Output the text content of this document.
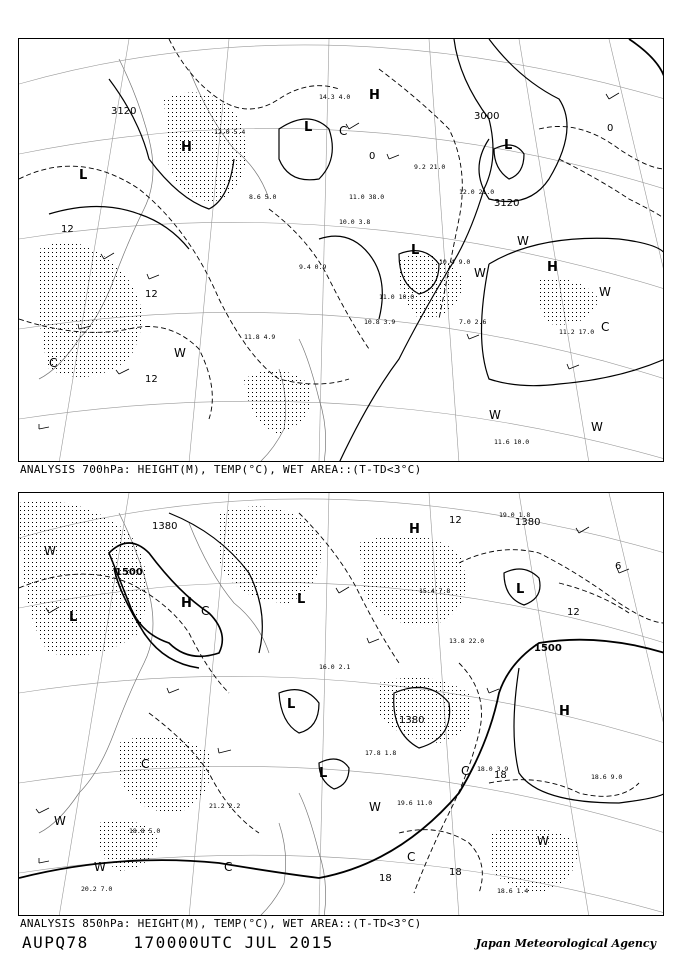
3000
3120
3120
12
12
12
0
0
H
H
H
L
L
L
L
C
C
W
W
W
W
W
C
W
9.2 21.0
11.0 38.0
10.4 9.0
7.0 2.6
11.2 17.0
11.6 10.0
10.8 3.9
11.8 4.9
12.0 5.4
10.0 3.8
11.0 10.0
9.4 0.9
14.3 4.0
8.6 5.0
12.0 21.0
ANALYSIS 700hPa: HEIGHT(M), TEMP(°C), WET AREA::(T-TD<3°C)
1500
1500
1380	1380
1380
12
12
18
18
18
6
H
H
H
L
L
L
L
L	C
C
C
C
C
W
W
W
W
W
18.0 3.9
18.6 9.0
19.6 11.0
17.8 1.8
18.6 1.4
21.2 2.2
18.8 5.0
20.2 7.0
15.4 7.8
16.0 2.1
13.8 22.0
19.0 1.8
ANALYSIS 850hPa: HEIGHT(M), TEMP(°C), WET AREA::(T-TD<3°C)
AUPQ78	170000UTC JUL 2015	Japan Meteorological Agency
